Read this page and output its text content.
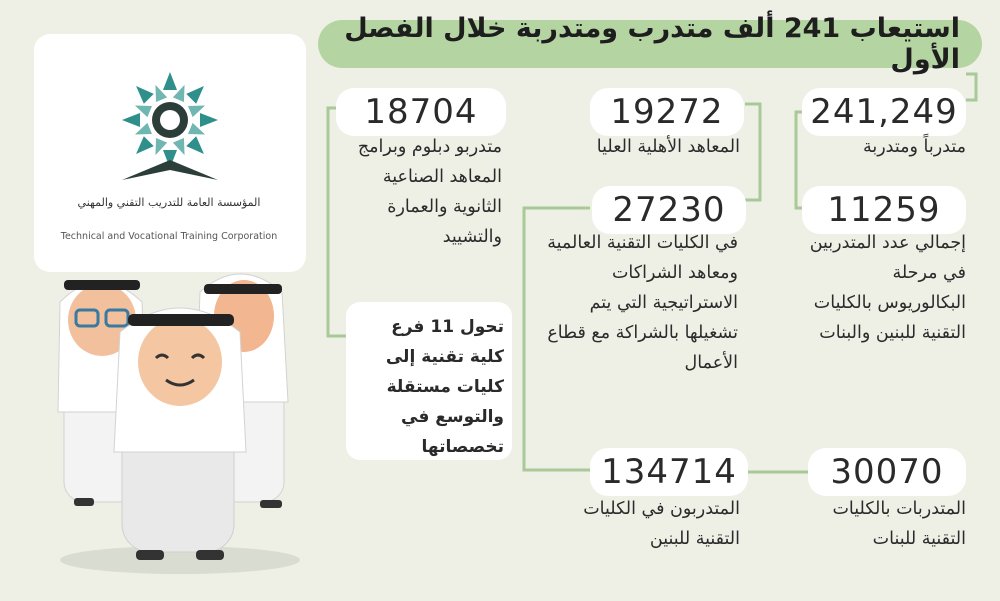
استيعاب 241 ألف متدرب ومتدربة خلال الفصل الأول
المؤسسة العامة للتدريب التقني والمهني
Technical and Vocational Training Corporation
241,249
متدرباً ومتدربة
19272
المعاهد الأهلية العليا
18704
متدربو دبلوم وبرامج المعاهد الصناعية الثانوية والعمارة والتشييد
11259
إجمالي عدد المتدربين في مرحلة البكالوريوس بالكليات التقنية للبنين والبنات
27230
في الكليات التقنية العالمية ومعاهد الشراكات الاستراتيجية التي يتم تشغيلها بالشراكة مع قطاع الأعمال
30070
المتدربات بالكليات التقنية للبنات
134714
المتدربون في الكليات التقنية للبنين
تحول 11 فرع كلية تقنية إلى كليات مستقلة والتوسع في تخصصاتها
